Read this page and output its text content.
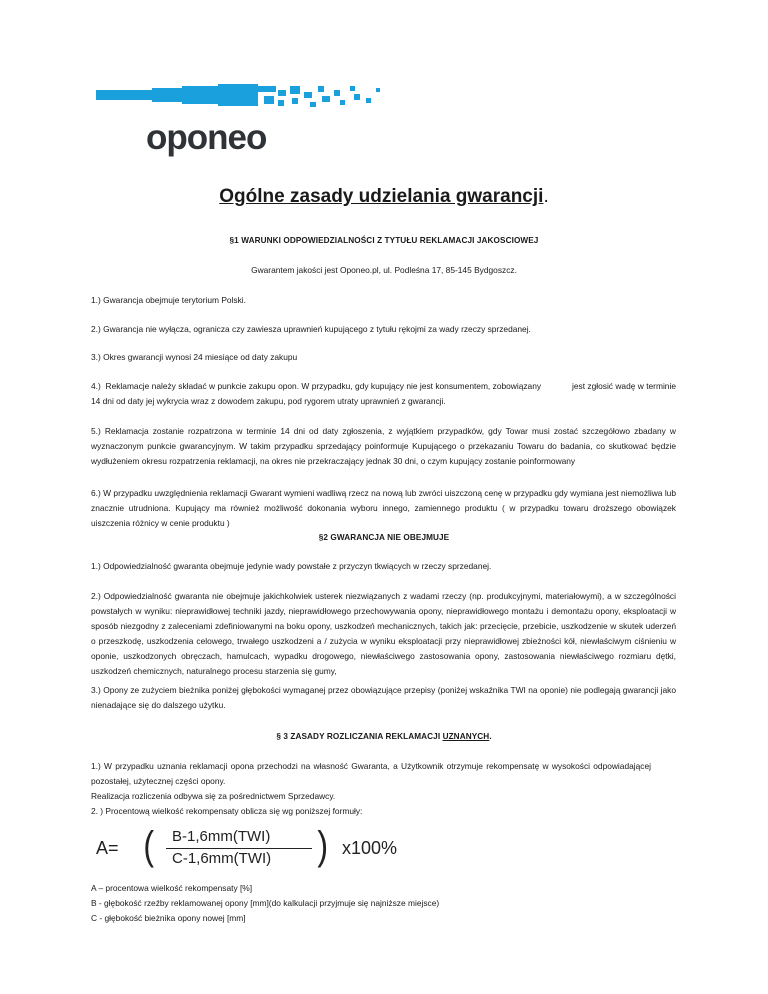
oponeo
Ogólne zasady udzielania gwarancji.
§1 WARUNKI ODPOWIEDZIALNOŚCI Z TYTUŁU REKLAMACJI JAKOSCIOWEJ
Gwarantem jakości jest Oponeo.pl, ul. Podleśna 17, 85-145 Bydgoszcz.
1.) Gwarancja obejmuje terytorium Polski.
2.) Gwarancja nie wyłącza, ogranicza czy zawiesza uprawnień kupującego z tytułu rękojmi za wady rzeczy sprzedanej.
3.) Okres gwarancji wynosi 24 miesiące od daty zakupu
4.)  Reklamacje należy składać w punkcie zakupu opon. W przypadku, gdy kupujący nie jest konsumentem, zobowiązany             jest zgłosić wadę w terminie 14 dni od daty jej wykrycia wraz z dowodem zakupu, pod rygorem utraty uprawnień z gwarancji.
5.) Reklamacja zostanie rozpatrzona w terminie 14 dni od daty zgłoszenia, z wyjątkiem przypadków, gdy Towar musi zostać szczegółowo zbadany w wyznaczonym punkcie gwarancyjnym. W takim przypadku sprzedający poinformuje Kupującego o przekazaniu Towaru do badania, co skutkować będzie wydłużeniem okresu rozpatrzenia reklamacji, na okres nie przekraczający jednak 30 dni, o czym kupujący zostanie poinformowany
6.) W przypadku uwzględnienia reklamacji Gwarant wymieni wadliwą rzecz na nową lub zwróci uiszczoną cenę w przypadku gdy wymiana jest niemożliwa lub znacznie utrudniona. Kupujący ma również możliwość dokonania wyboru innego, zamiennego produktu ( w przypadku towaru droższego obowiązek uiszczenia różnicy w cenie produktu )
§2 GWARANCJA NIE OBEJMUJE
1.) Odpowiedzialność gwaranta obejmuje jedynie wady powstałe z przyczyn tkwiących w rzeczy sprzedanej.
2.) Odpowiedzialność gwaranta nie obejmuje jakichkolwiek usterek niezwiązanych z wadami rzeczy (np. produkcyjnymi, materiałowymi), a w szczególności powstałych w wyniku: nieprawidłowej techniki jazdy, nieprawidłowego przechowywania opony, nieprawidłowego montażu i demontażu opony, eksploatacji w sposób niezgodny z zaleceniami zdefiniowanymi na boku opony, uszkodzeń mechanicznych, takich jak: przecięcie, przebicie, uszkodzenie w skutek uderzeń o przeszkodę, uszkodzenia celowego, trwałego uszkodzeni a / zużycia w wyniku eksploatacji przy nieprawidłowej zbieżności kół, niewłaściwym ciśnieniu w oponie, uszkodzonych obręczach, hamulcach, wypadku drogowego, niewłaściwego zastosowania opony, zastosowania niewłaściwego rozmiaru dętki, uszkodzeń chemicznych, naturalnego procesu starzenia się gumy,
3.) Opony ze zużyciem bieżnika poniżej głębokości wymaganej przez obowiązujące przepisy (poniżej wskaźnika TWI na oponie) nie podlegają gwarancji jako nienadające się do dalszego użytku.
§ 3 ZASADY ROZLICZANIA REKLAMACJI UZNANYCH.
1.) W przypadku uznania reklamacji opona przechodzi na własność Gwaranta, a Użytkownik otrzymuje rekompensatę w wysokości odpowiadającej pozostałej, użytecznej części opony.
Realizacja rozliczenia odbywa się za pośrednictwem Sprzedawcy.
2. ) Procentową wielkość rekompensaty oblicza się wg poniższej formuły:
A= ( B-1,6mm(TWI)
C-1,6mm(TWI) ) x100%
A – procentowa wielkość rekompensaty [%]
B - głębokość rzeźby reklamowanej opony [mm](do kalkulacji przyjmuje się najniższe miejsce)
C - głębokość bieżnika opony nowej [mm]
